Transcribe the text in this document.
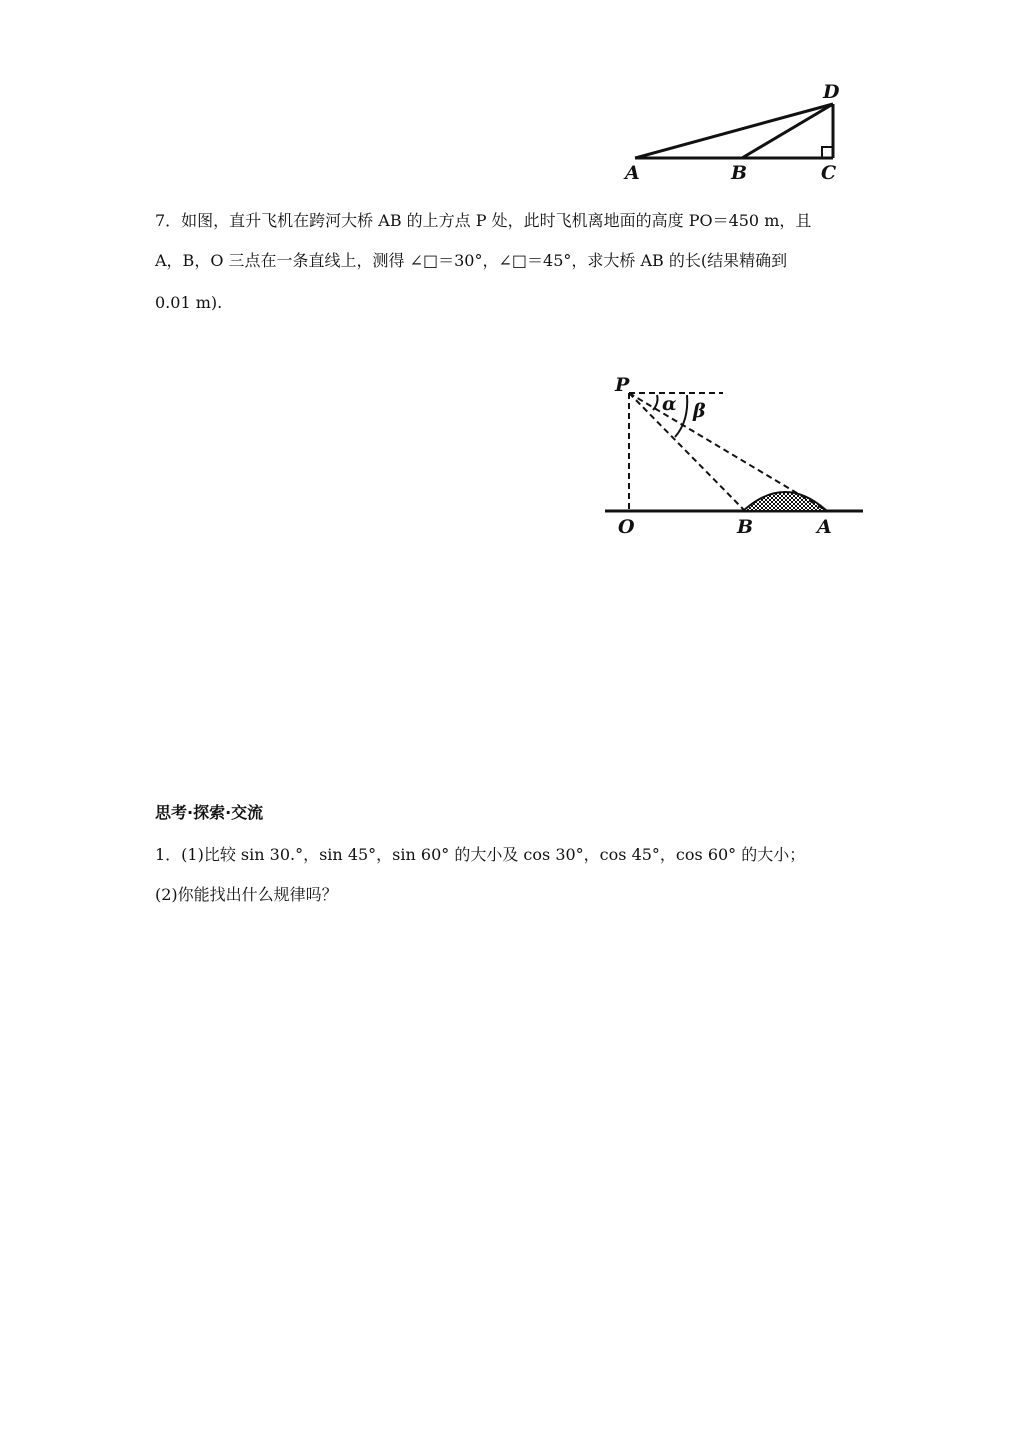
A	B	C
D
7．如图，直升飞机在跨河大桥 AB 的上方点 P 处，此时飞机离地面的高度 PO＝450 m，且
A，B，O 三点在一条直线上，测得 ∠□＝30°，∠□＝45°，求大桥 AB 的长(结果精确到
0.01 m).
P
α β
O	B	A
思考·探索·交流
1．(1)比较 sin 30.°，sin 45°，sin 60° 的大小及 cos 30°，cos 45°，cos 60° 的大小；
(2)你能找出什么规律吗？
